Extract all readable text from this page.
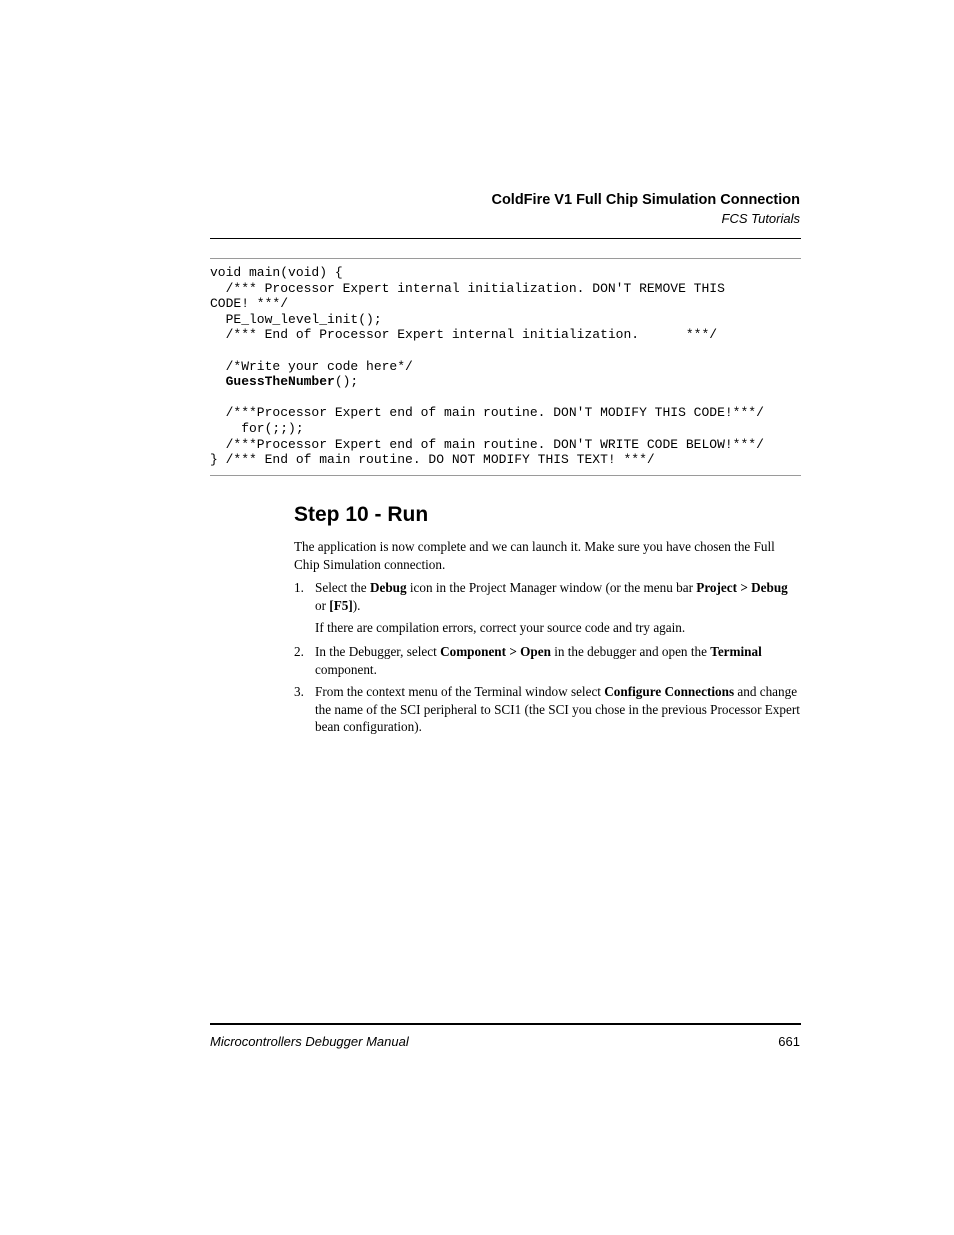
ColdFire V1 Full Chip Simulation Connection
FCS Tutorials
void main(void) {
/*** Processor Expert internal initialization. DON'T REMOVE THIS
CODE! ***/
PE_low_level_init();
/*** End of Processor Expert internal initialization.      ***/

/*Write your code here*/
GuessTheNumber();

/***Processor Expert end of main routine. DON'T MODIFY THIS CODE!***/
for(;;);
/***Processor Expert end of main routine. DON'T WRITE CODE BELOW!***/
} /*** End of main routine. DO NOT MODIFY THIS TEXT! ***/
Step 10 - Run
The application is now complete and we can launch it. Make sure you have chosen the Full Chip Simulation connection.
1. Select the Debug icon in the Project Manager window (or the menu bar Project > Debug or [F5]).
If there are compilation errors, correct your source code and try again.
2. In the Debugger, select Component > Open in the debugger and open the Terminal component.
3. From the context menu of the Terminal window select Configure Connections and change the name of the SCI peripheral to SCI1 (the SCI you chose in the previous Processor Expert bean configuration).
Microcontrollers Debugger Manual	661
